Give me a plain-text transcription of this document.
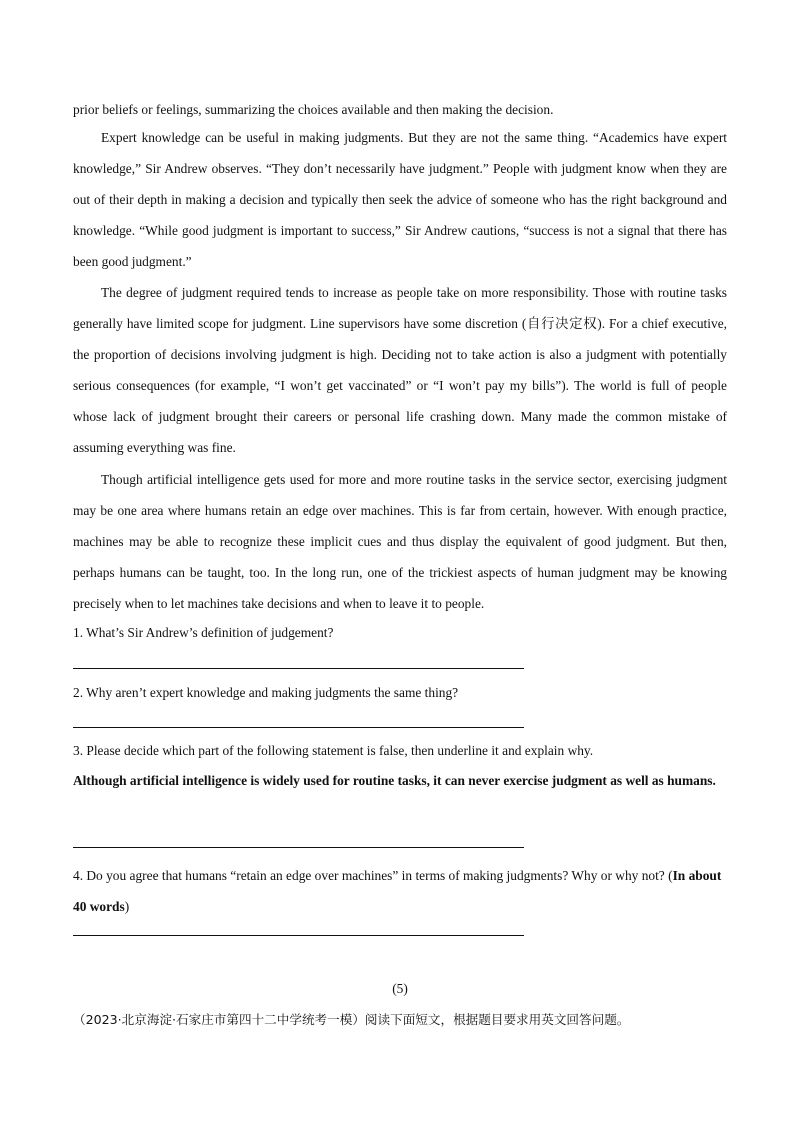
prior beliefs or feelings, summarizing the choices available and then making the decision.

Expert knowledge can be useful in making judgments. But they are not the same thing. “Academics have expert knowledge,” Sir Andrew observes. “They don’t necessarily have judgment.” People with judgment know when they are out of their depth in making a decision and typically then seek the advice of someone who has the right background and knowledge. “While good judgment is important to success,” Sir Andrew cautions, “success is not a signal that there has been good judgment.”

The degree of judgment required tends to increase as people take on more responsibility. Those with routine tasks generally have limited scope for judgment. Line supervisors have some discretion (自行决定权). For a chief executive, the proportion of decisions involving judgment is high. Deciding not to take action is also a judgment with potentially serious consequences (for example, “I won’t get vaccinated” or “I won’t pay my bills”). The world is full of people whose lack of judgment brought their careers or personal life crashing down. Many made the common mistake of assuming everything was fine.

Though artificial intelligence gets used for more and more routine tasks in the service sector, exercising judgment may be one area where humans retain an edge over machines. This is far from certain, however. With enough practice, machines may be able to recognize these implicit cues and thus display the equivalent of good judgment. But then, perhaps humans can be taught, too. In the long run, one of the trickiest aspects of human judgment may be knowing precisely when to let machines take decisions and when to leave it to people.

1. What’s Sir Andrew’s definition of judgement?

2. Why aren’t expert knowledge and making judgments the same thing?

3. Please decide which part of the following statement is false, then underline it and explain why.

Although artificial intelligence is widely used for routine tasks, it can never exercise judgment as well as humans.

4. Do you agree that humans “retain an edge over machines” in terms of making judgments? Why or why not? (In about 40 words)

(5)

（2023·北京海淀·石家庄市第四十二中学统考一模）阅读下面短文，根据题目要求用英文回答问题。
